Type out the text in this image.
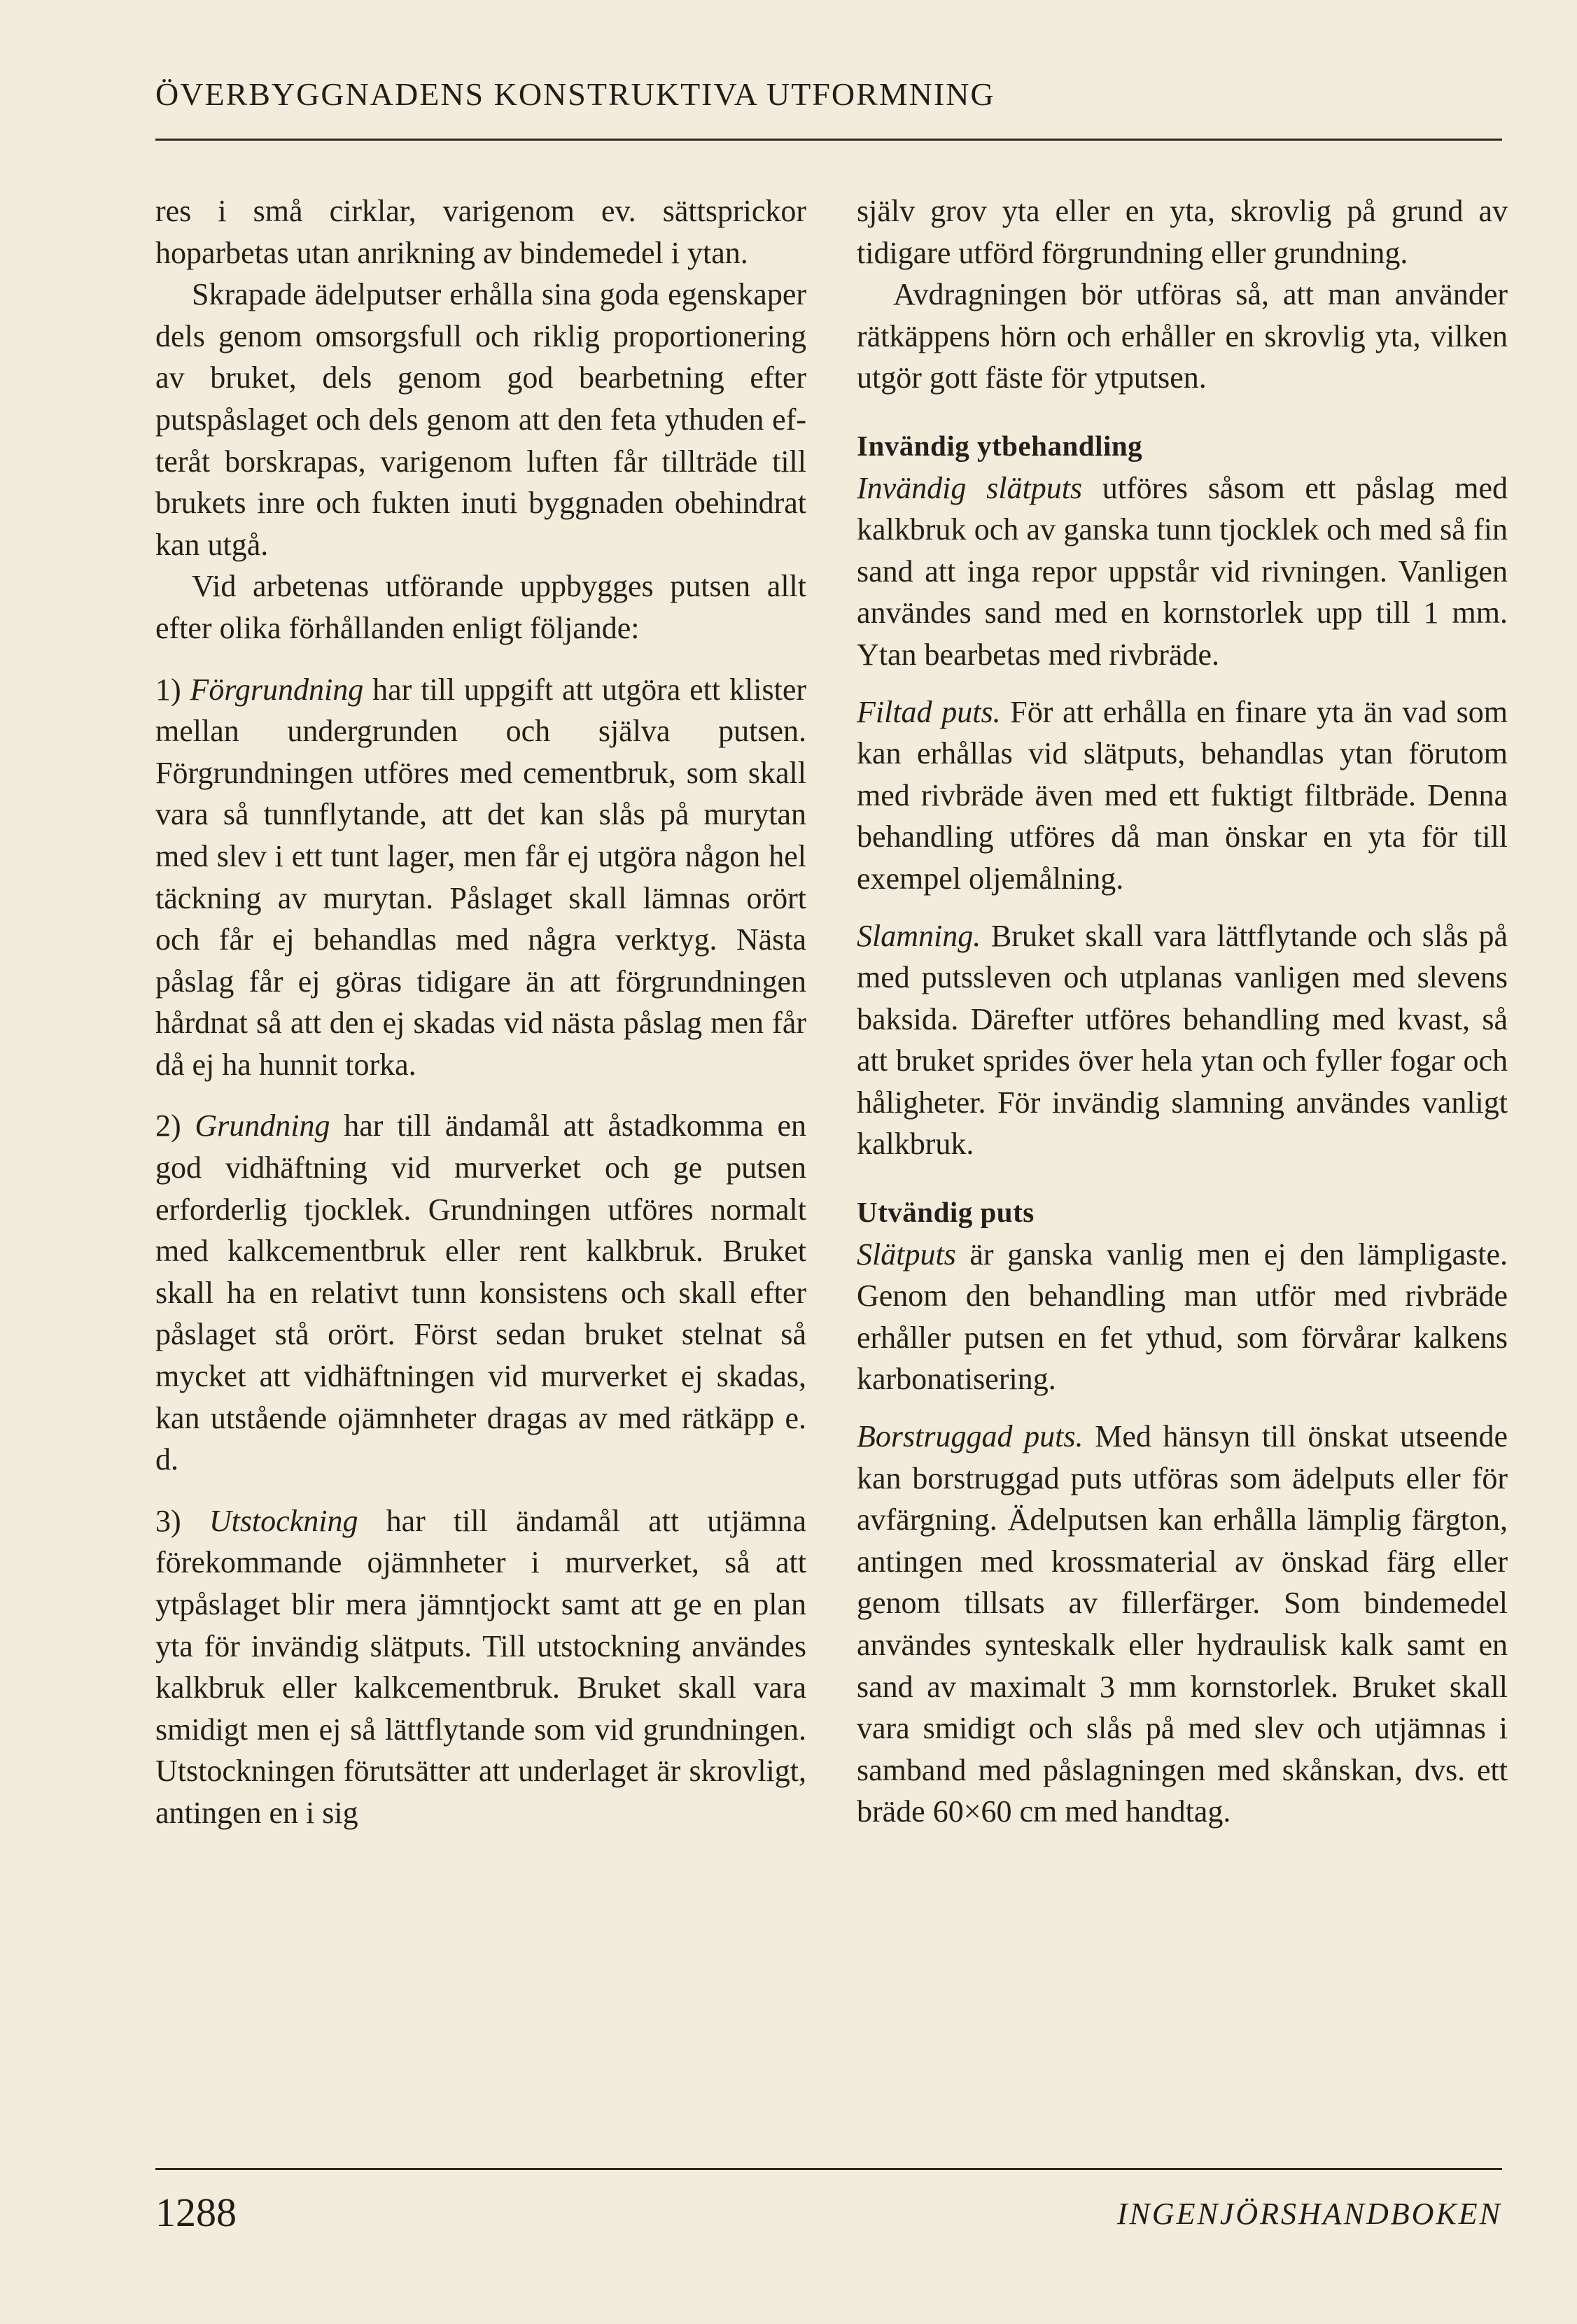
ÖVERBYGGNADENS KONSTRUKTIVA UTFORMNING

res i små cirklar, varigenom ev. sättsprickor hoparbetas utan anrikning av bindemedel i ytan.

Skrapade ädelputser erhålla sina goda egenskaper dels genom omsorgsfull och riklig proportionering av bruket, dels genom god bearbetning efter putspåslaget och dels genom att den feta ythuden efteråt borskrapas, varigenom luften får tillträde till brukets inre och fukten inuti byggnaden obehindrat kan utgå.

Vid arbetenas utförande uppbygges putsen allt efter olika förhållanden enligt följande:

1) Förgrundning har till uppgift att utgöra ett klister mellan undergrunden och själva putsen. Förgrundningen utföres med cementbruk, som skall vara så tunnflytande, att det kan slås på murytan med slev i ett tunt lager, men får ej utgöra någon hel täckning av murytan. Påslaget skall lämnas orört och får ej behandlas med några verktyg. Nästa påslag får ej göras tidigare än att förgrundningen hårdnat så att den ej skadas vid nästa påslag men får då ej ha hunnit torka.

2) Grundning har till ändamål att åstadkomma en god vidhäftning vid murverket och ge putsen erforderlig tjocklek. Grundningen utföres normalt med kalkcementbruk eller rent kalkbruk. Bruket skall ha en relativt tunn konsistens och skall efter påslaget stå orört. Först sedan bruket stelnat så mycket att vidhäftningen vid murverket ej skadas, kan utstående ojämnheter dragas av med rätkäpp e. d.

3) Utstockning har till ändamål att utjämna förekommande ojämnheter i murverket, så att ytpåslaget blir mera jämntjockt samt att ge en plan yta för invändig slätputs. Till utstockning användes kalkbruk eller kalkcementbruk. Bruket skall vara smidigt men ej så lättflytande som vid grundningen. Utstockningen förutsätter att underlaget är skrovligt, antingen en i sig

själv grov yta eller en yta, skrovlig på grund av tidigare utförd förgrundning eller grundning.

Avdragningen bör utföras så, att man använder rätkäppens hörn och erhåller en skrovlig yta, vilken utgör gott fäste för ytputsen.

Invändig ytbehandling

Invändig slätputs utföres såsom ett påslag med kalkbruk och av ganska tunn tjocklek och med så fin sand att inga repor uppstår vid rivningen. Vanligen användes sand med en kornstorlek upp till 1 mm. Ytan bearbetas med rivbräde.

Filtad puts. För att erhålla en finare yta än vad som kan erhållas vid slätputs, behandlas ytan förutom med rivbräde även med ett fuktigt filtbräde. Denna behandling utföres då man önskar en yta för till exempel oljemålning.

Slamning. Bruket skall vara lättflytande och slås på med putssleven och utplanas vanligen med slevens baksida. Därefter utföres behandling med kvast, så att bruket sprides över hela ytan och fyller fogar och håligheter. För invändig slamning användes vanligt kalkbruk.

Utvändig puts

Slätputs är ganska vanlig men ej den lämpligaste. Genom den behandling man utför med rivbräde erhåller putsen en fet ythud, som förvårar kalkens karbonatisering.

Borstruggad puts. Med hänsyn till önskat utseende kan borstruggad puts utföras som ädelputs eller för avfärgning. Ädelputsen kan erhålla lämplig färgton, antingen med krossmaterial av önskad färg eller genom tillsats av fillerfärger. Som bindemedel användes synteskalk eller hydraulisk kalk samt en sand av maximalt 3 mm kornstorlek. Bruket skall vara smidigt och slås på med slev och utjämnas i samband med påslagningen med skånskan, dvs. ett bräde 60×60 cm med handtag.

1288	INGENJÖRSHANDBOKEN
